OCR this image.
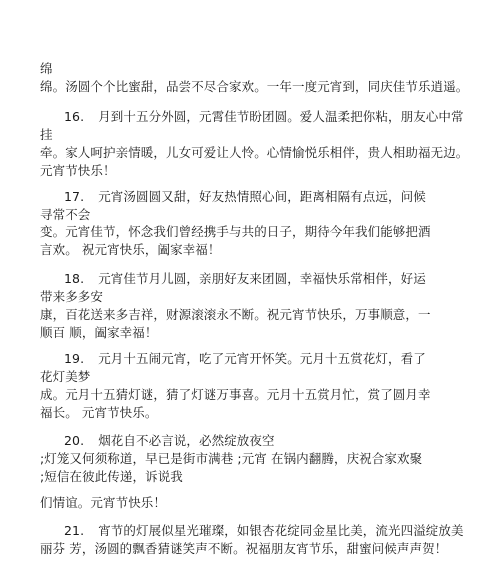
绵
绵。汤圆个个比蜜甜，品尝不尽合家欢。一年一度元宵到，同庆佳节乐逍遥。
16. 月到十五分外圆，元霄佳节盼团圆。爱人温柔把你粘，朋友心中常
挂
牵。家人呵护亲情暖，儿女可爱让人怜。心情愉悦乐相伴，贵人相助福无边。
元宵节快乐！
17. 元宵汤圆圆又甜，好友热情照心间，距离相隔有点远，问候
寻常不会
变。元宵佳节，怀念我们曾经携手与共的日子，期待今年我们能够把酒
言欢。 祝元宵快乐，阖家幸福！
18. 元宵佳节月儿圆，亲朋好友来团圆，幸福快乐常相伴，好运
带来多多安
康，百花送来多吉祥，财源滚滚永不断。祝元宵节快乐，万事顺意，一
顺百 顺，阖家幸福！
19. 元月十五闹元宵，吃了元宵开怀笑。元月十五赏花灯，看了
花灯美梦
成。元月十五猜灯谜，猜了灯谜万事喜。元月十五赏月忙，赏了圆月幸
福长。 元宵节快乐。
20. 烟花自不必言说，必然绽放夜空
;灯笼又何须称道，早已是街市满巷 ;元宵 在锅内翻腾，庆祝合家欢聚
;短信在彼此传递，诉说我
们情谊。元宵节快乐！
21. 宵节的灯展似星光璀璨，如银杏花绽同金星比美，流光四溢绽放美
丽芬 芳，汤圆的飘香猜谜笑声不断。祝福朋友宵节乐，甜蜜问候声声贺！
